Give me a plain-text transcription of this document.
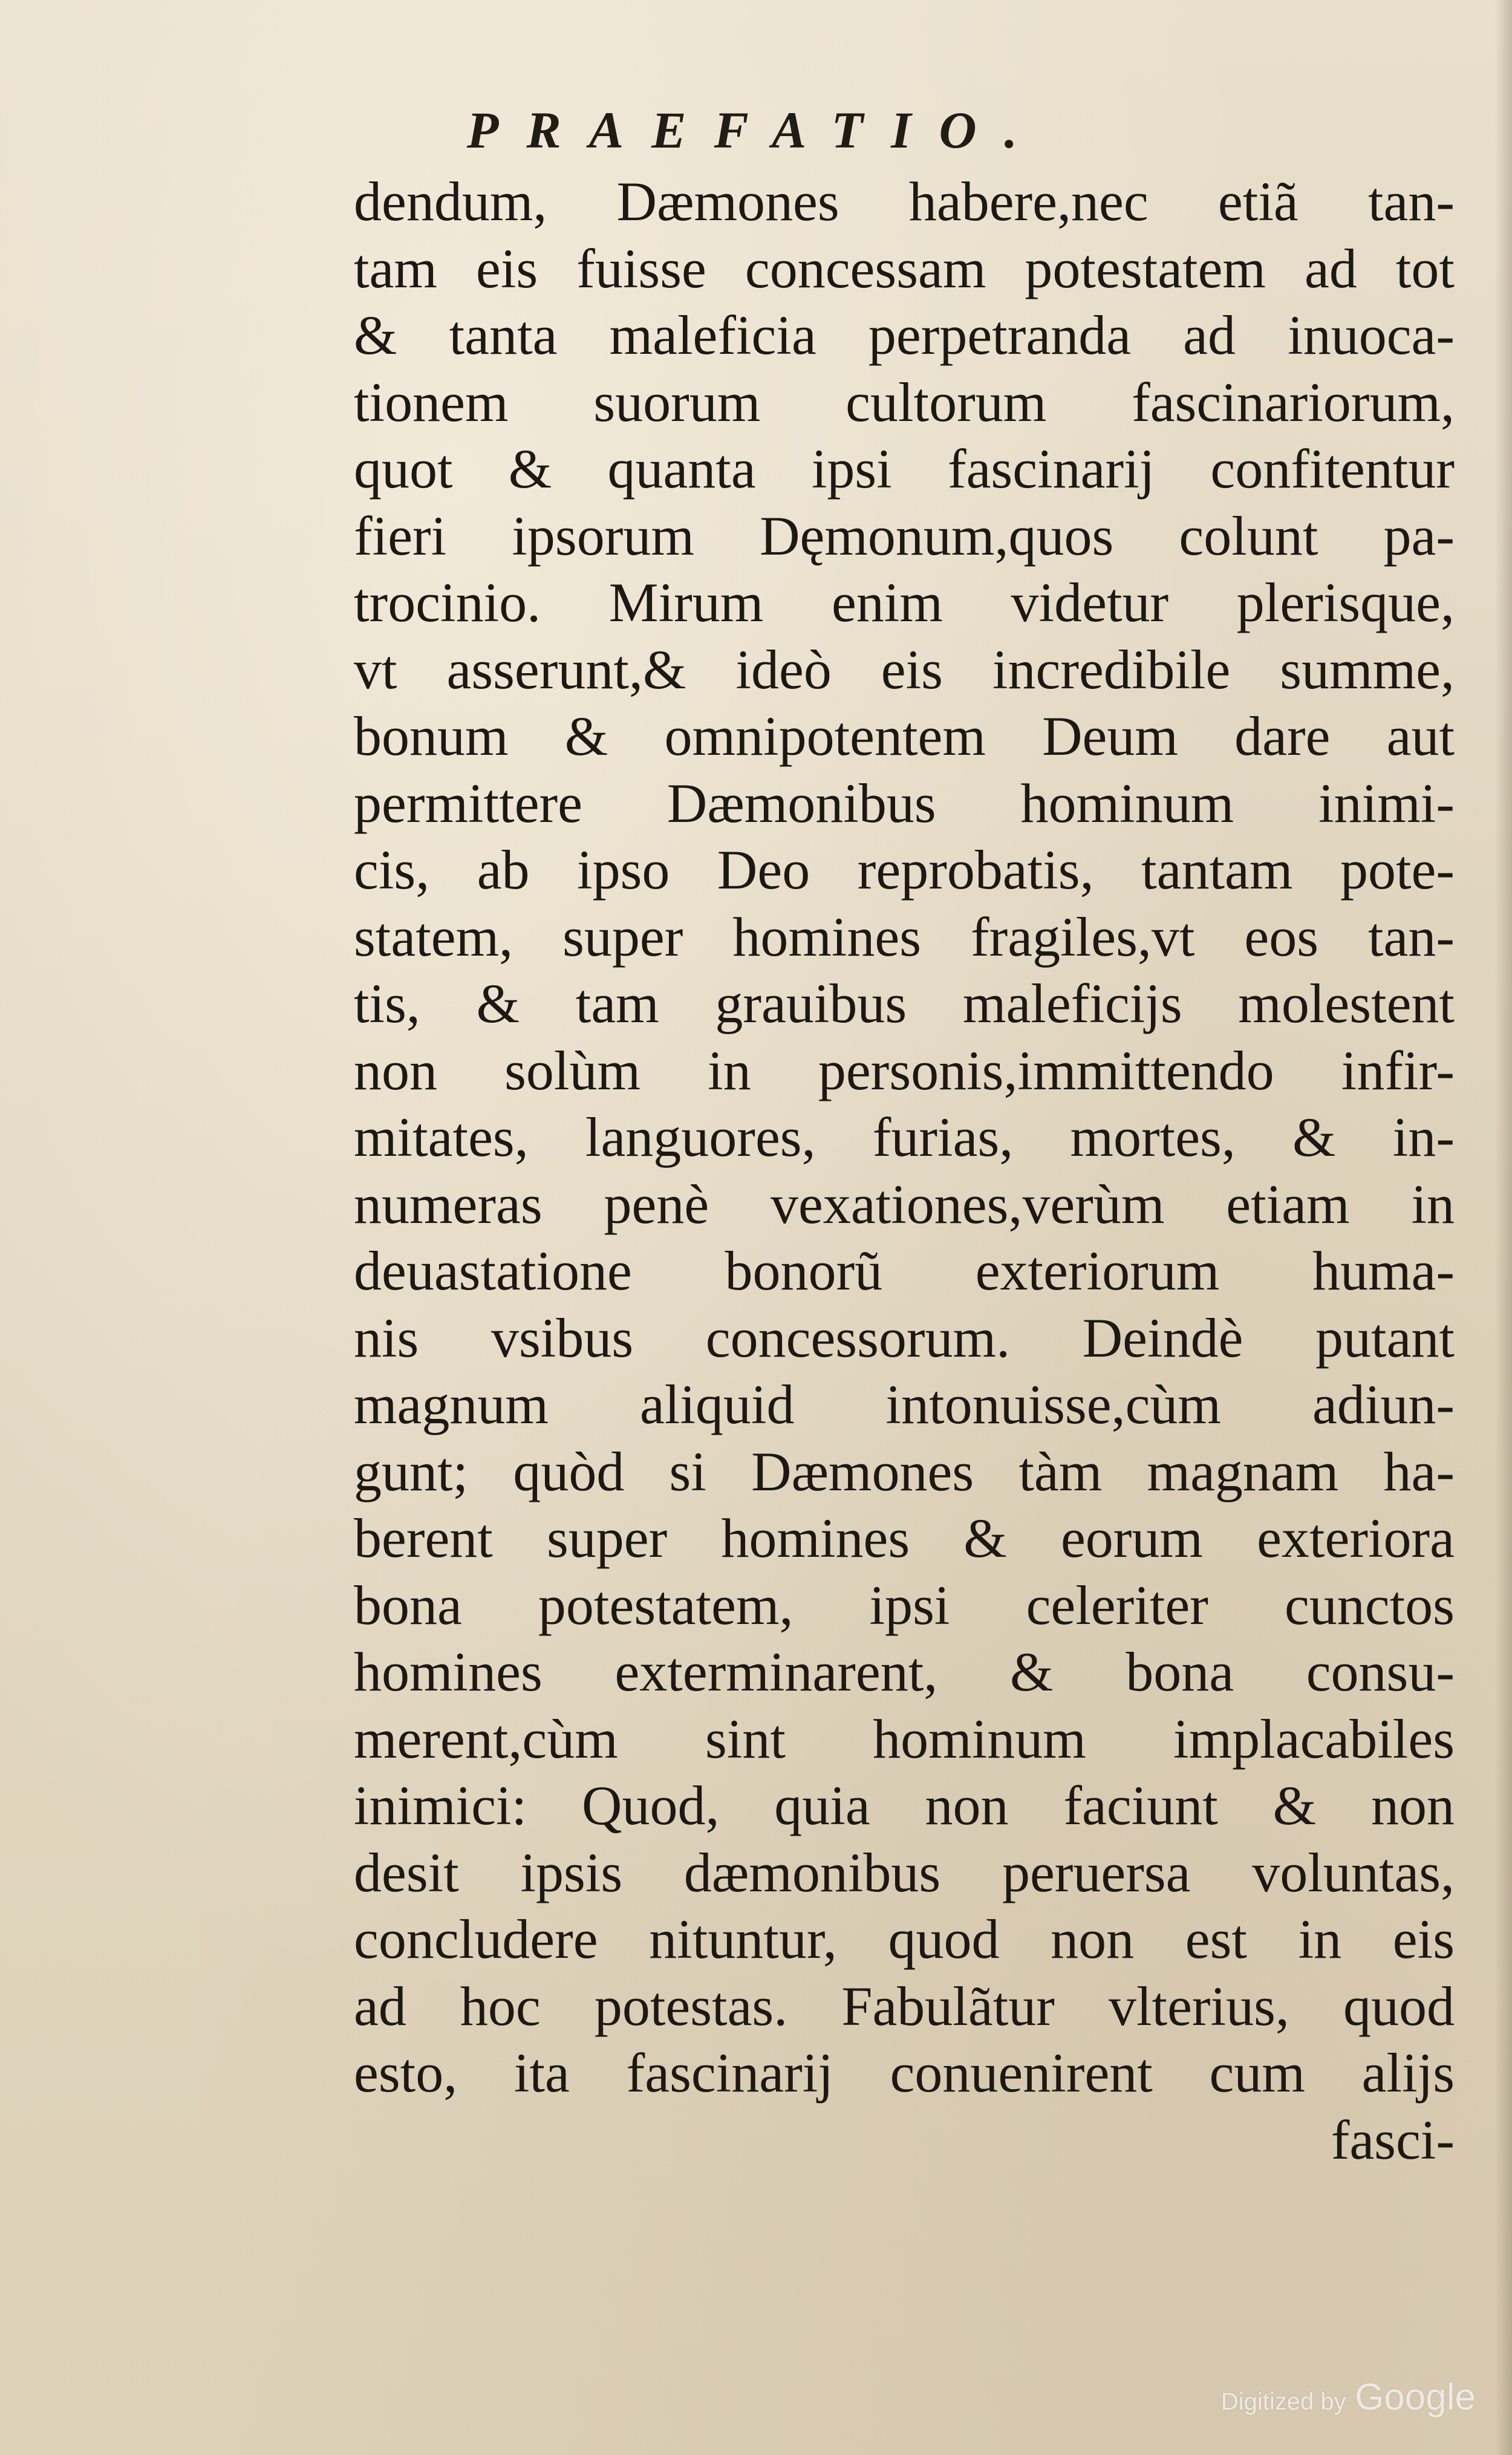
PRAEFATIO.
dendum, Dæmones habere,nec etiã tan-
tam eis fuisse concessam potestatem ad tot
& tanta maleficia perpetranda ad inuoca-
tionem suorum cultorum fascinariorum,
quot & quanta ipsi fascinarij confitentur
fieri ipsorum Dęmonum,quos colunt pa-
trocinio. Mirum enim videtur plerisque,
vt asserunt,& ideò eis incredibile summe,
bonum & omnipotentem Deum dare aut
permittere Dæmonibus hominum inimi-
cis, ab ipso Deo reprobatis, tantam pote-
statem, super homines fragiles,vt eos tan-
tis, & tam grauibus maleficijs molestent
non solùm in personis,immittendo infir-
mitates, languores, furias, mortes, & in-
numeras penè vexationes,verùm etiam in
deuastatione bonorũ exteriorum huma-
nis vsibus concessorum. Deindè putant
magnum aliquid intonuisse,cùm adiun-
gunt; quòd si Dæmones tàm magnam ha-
berent super homines & eorum exteriora
bona potestatem, ipsi celeriter cunctos
homines exterminarent, & bona consu-
merent,cùm sint hominum implacabiles
inimici: Quod, quia non faciunt & non
desit ipsis dæmonibus peruersa voluntas,
concludere nituntur, quod non est in eis
ad hoc potestas. Fabulãtur vlterius, quod
esto, ita fascinarij conuenirent cum alijs
fasci-
Digitized by Google
